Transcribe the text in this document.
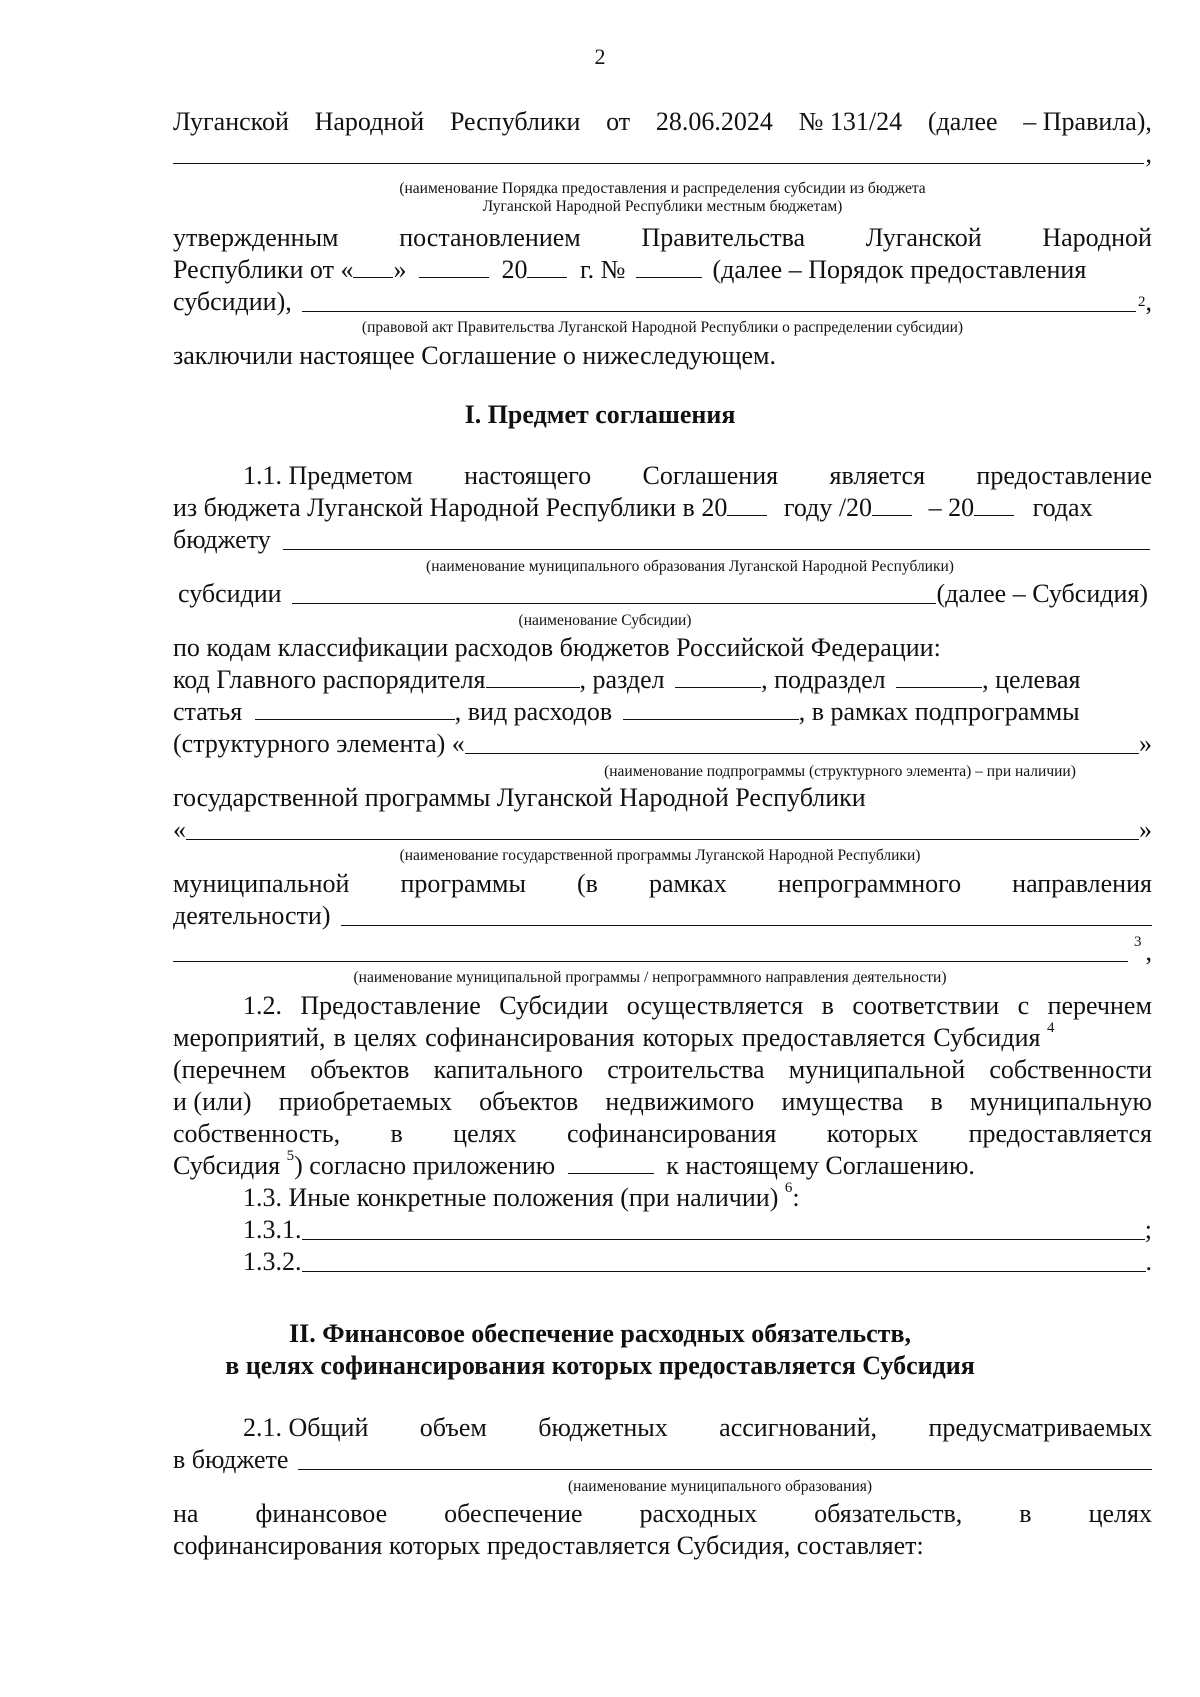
2
Луганской Народной Республики от 28.06.2024 № 131/24 (далее – Правила),
,
(наименование Порядка предоставления и распределения субсидии из бюджета
Луганской Народной Республики местным бюджетам)
утвержденным постановлением Правительства Луганской Народной
Республики от « »	20 г. №	(далее – Порядок предоставления
субсидии),	$^2$ ,
(правовой акт Правительства Луганской Народной Республики о распределении субсидии)
заключили настоящее Соглашение о нижеследующем.
I. Предмет соглашения
1.1. Предметом настоящего Соглашения является предоставление
из бюджета Луганской Народной Республики в 20 году /20 – 20 годах
бюджету
(наименование муниципального образования Луганской Народной Республики)
субсидии	(далее – Субсидия)
(наименование Субсидии)
по кодам классификации расходов бюджетов Российской Федерации:
код Главного распорядителя	, раздел	, подраздел	, целевая
статья	, вид расходов	, в рамках подпрограммы
(структурного элемента) «	»
(наименование подпрограммы (структурного элемента) – при наличии)
государственной программы Луганской Народной Республики
«	»
(наименование государственной программы Луганской Народной Республики)
муниципальной программы (в рамках непрограммного направления
деятельности)
$^3$ ,
(наименование муниципальной программы / непрограммного направления деятельности)
1.2. Предоставление Субсидии осуществляется в соответствии с перечнем
мероприятий, в целях софинансирования которых предоставляется Субсидия $^4$
(перечнем объектов капитального строительства муниципальной собственности
и (или) приобретаемых объектов недвижимого имущества в муниципальную
собственность, в целях софинансирования которых предоставляется
Субсидия $^5$) согласно приложению	к настоящему Соглашению.
1.3. Иные конкретные положения (при наличии) $^6$:
1.3.1.	;
1.3.2.	.
II. Финансовое обеспечение расходных обязательств,
в целях софинансирования которых предоставляется Субсидия
2.1. Общий объем бюджетных ассигнований, предусматриваемых
в бюджете
(наименование муниципального образования)
на финансовое обеспечение расходных обязательств, в целях
софинансирования которых предоставляется Субсидия, составляет:
